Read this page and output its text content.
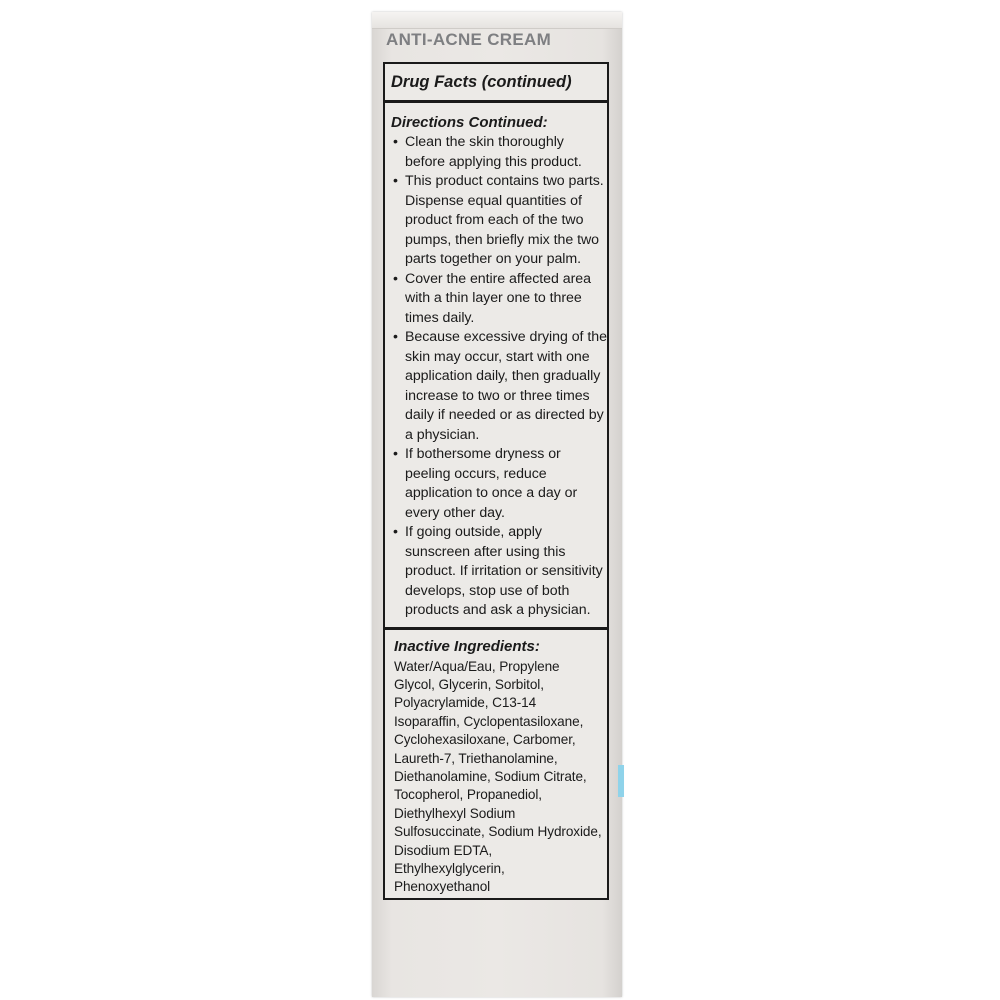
ANTI-ACNE CREAM
Drug Facts (continued)
Directions Continued:
• Clean the skin thoroughly before applying this product.
• This product contains two parts. Dispense equal quantities of product from each of the two pumps, then briefly mix the two parts together on your palm.
• Cover the entire affected area with a thin layer one to three times daily.
• Because excessive drying of the skin may occur, start with one application daily, then gradually increase to two or three times daily if needed or as directed by a physician.
• If bothersome dryness or peeling occurs, reduce application to once a day or every other day.
• If going outside, apply sunscreen after using this product. If irritation or sensitivity develops, stop use of both products and ask a physician.
Inactive Ingredients:
Water/Aqua/Eau, Propylene Glycol, Glycerin, Sorbitol, Polyacrylamide, C13-14 Isoparaffin, Cyclopentasiloxane, Cyclohexasiloxane, Carbomer, Laureth-7, Triethanolamine, Diethanolamine, Sodium Citrate, Tocopherol, Propanediol, Diethylhexyl Sodium Sulfosuccinate, Sodium Hydroxide, Disodium EDTA, Ethylhexylglycerin, Phenoxyethanol
